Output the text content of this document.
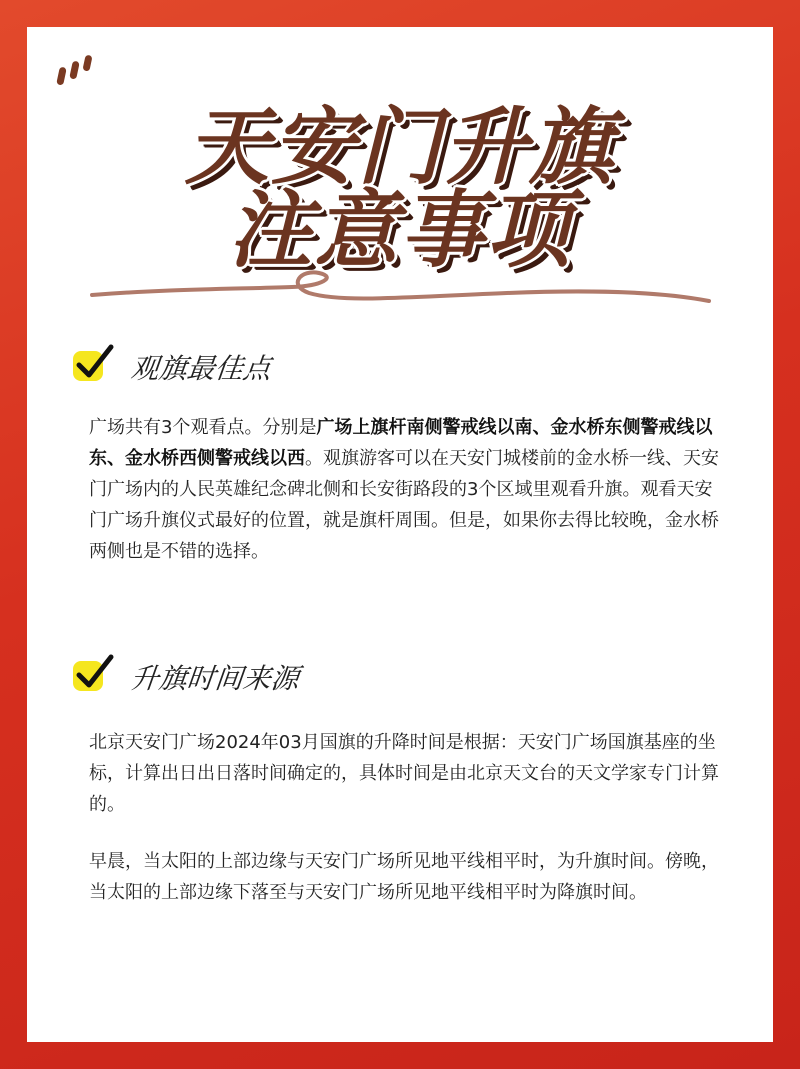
天安门升旗
注意事项
观旗最佳点

广场共有3个观看点。分别是广场上旗杆南侧警戒线以南、金水桥东侧警戒线以东、金水桥西侧警戒线以西。观旗游客可以在天安门城楼前的金水桥一线、天安门广场内的人民英雄纪念碑北侧和长安街路段的3个区域里观看升旗。观看天安门广场升旗仪式最好的位置，就是旗杆周围。但是，如果你去得比较晚，金水桥两侧也是不错的选择。

升旗时间来源

北京天安门广场2024年03月国旗的升降时间是根据：天安门广场国旗基座的坐标，计算出日出日落时间确定的，具体时间是由北京天文台的天文学家专门计算的。

早晨，当太阳的上部边缘与天安门广场所见地平线相平时，为升旗时间。傍晚，当太阳的上部边缘下落至与天安门广场所见地平线相平时为降旗时间。
